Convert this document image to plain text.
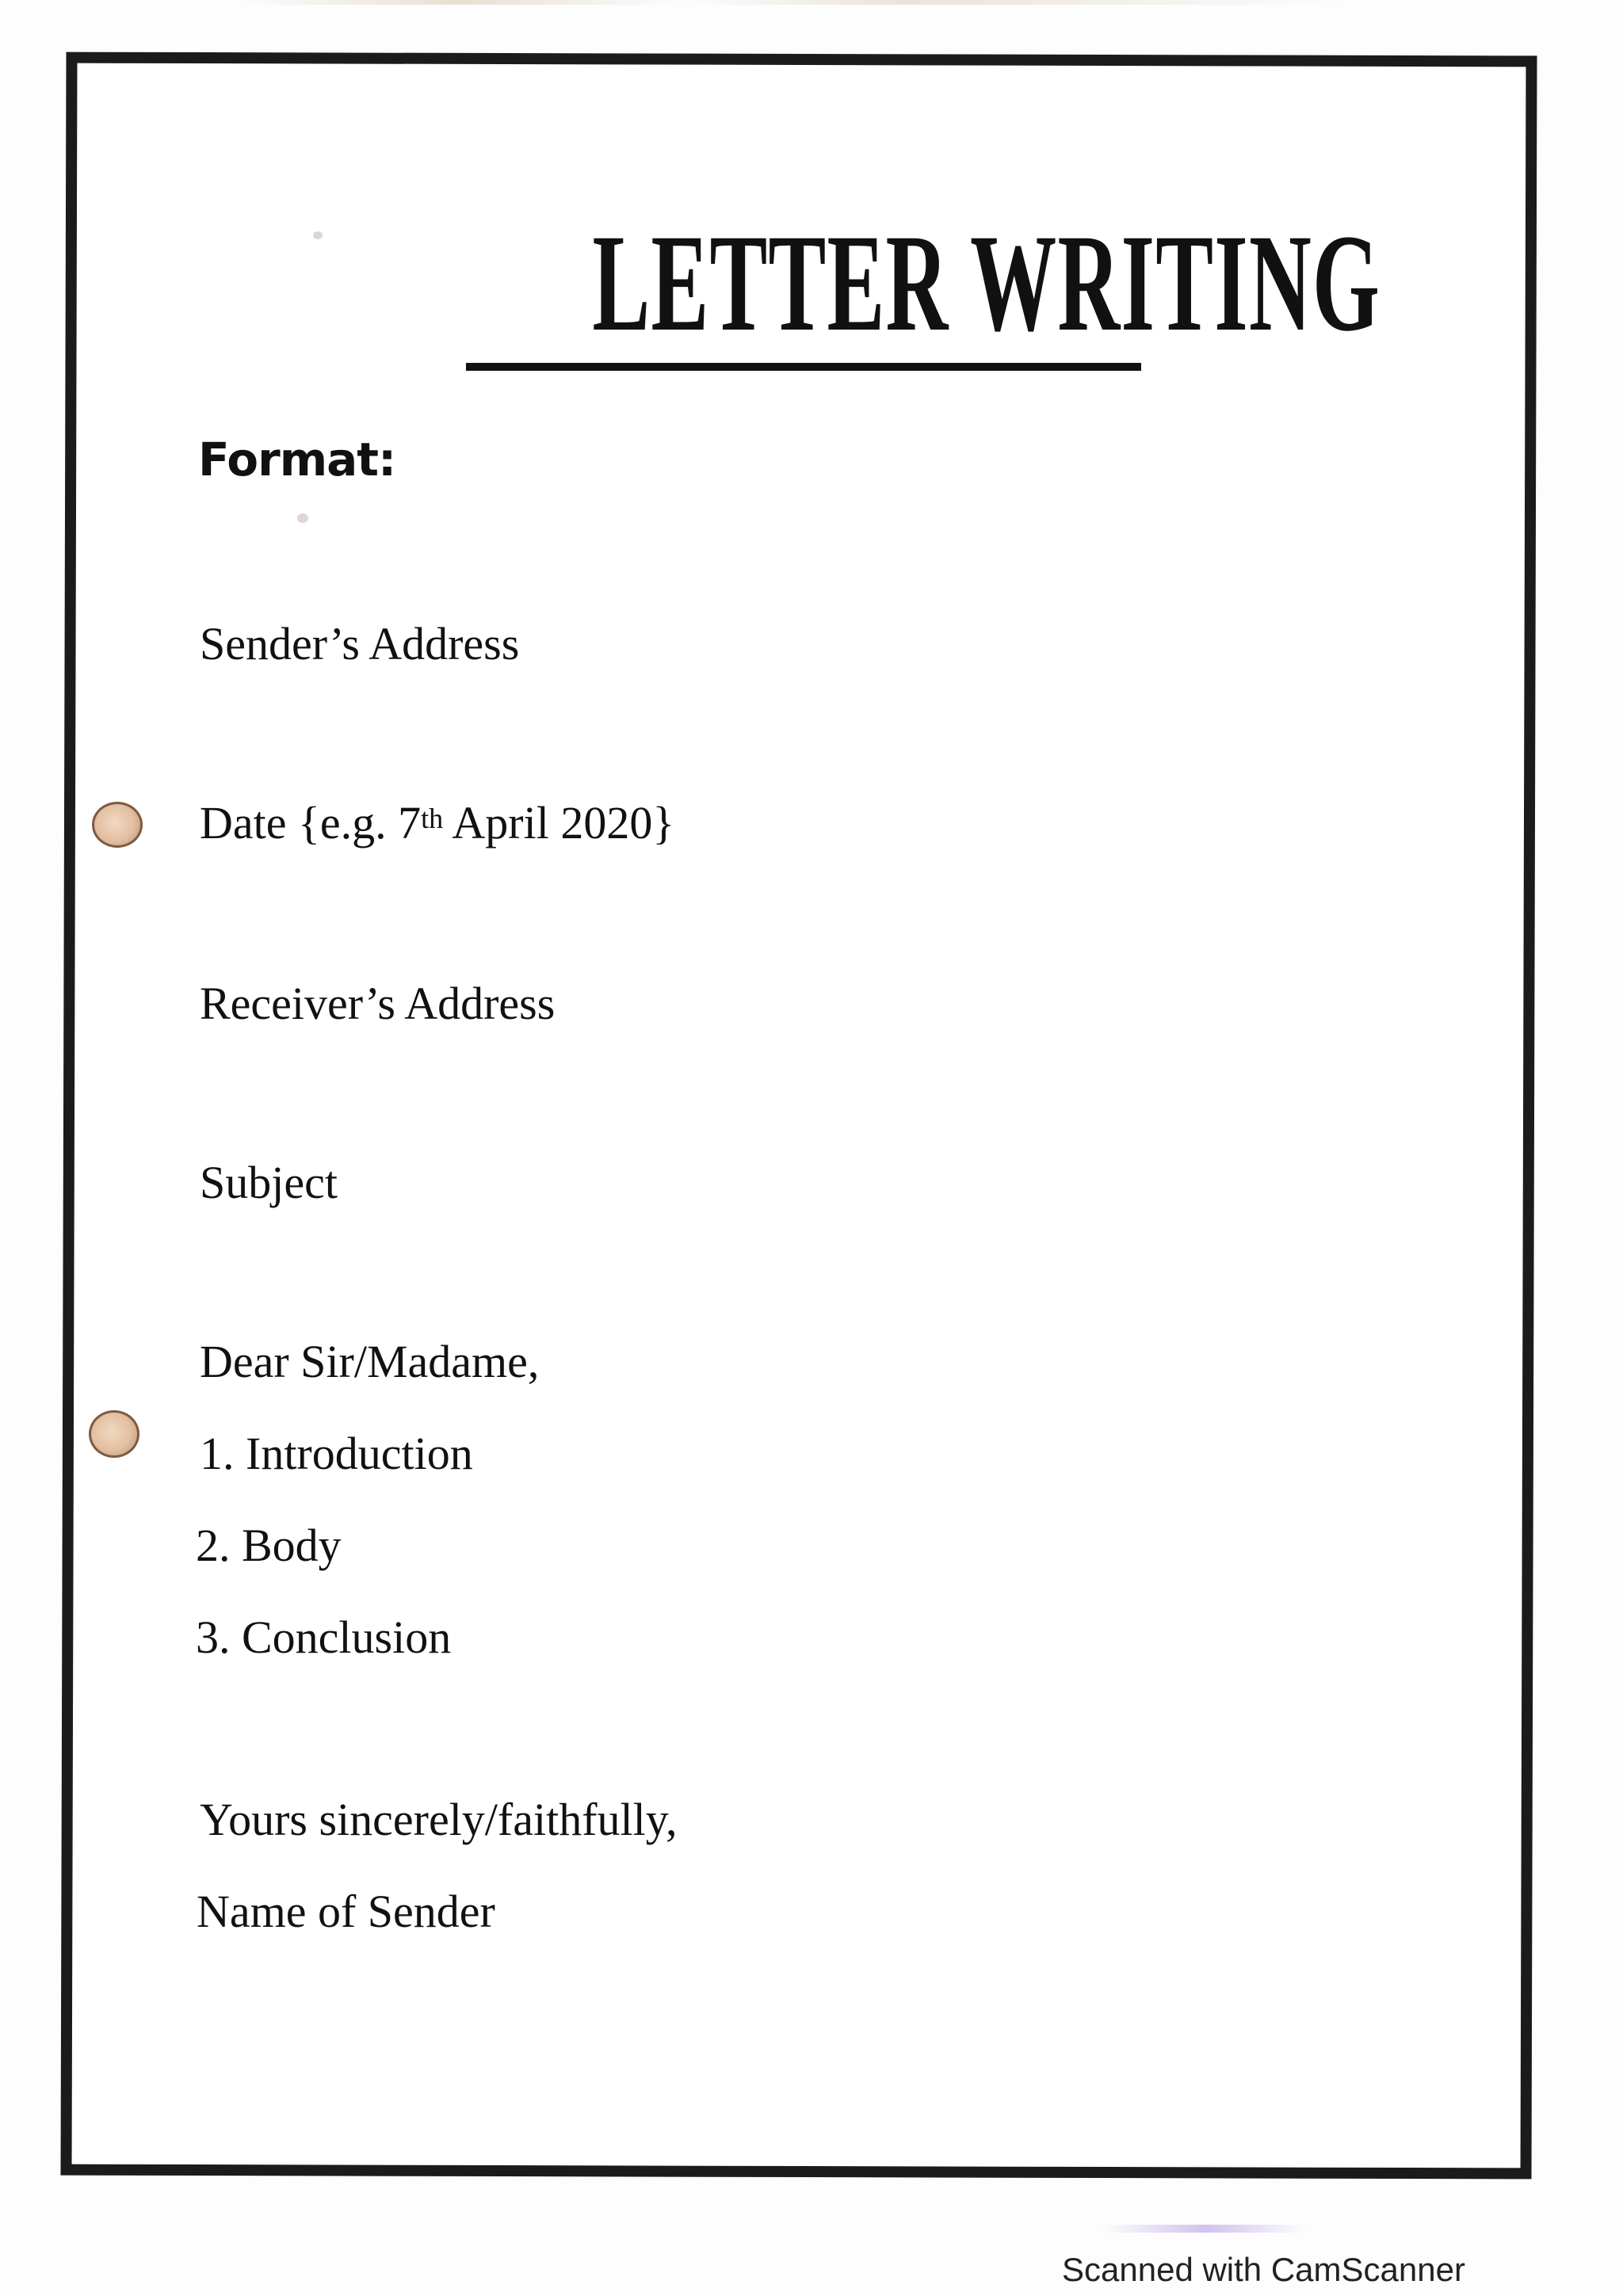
LETTER WRITING
Format:
Sender’s Address
Date {e.g. 7th April 2020}
Receiver’s Address
Subject
Dear Sir/Madame,
1. Introduction
2. Body
3. Conclusion
Yours sincerely/faithfully,
Name of Sender
Scanned with CamScanner
